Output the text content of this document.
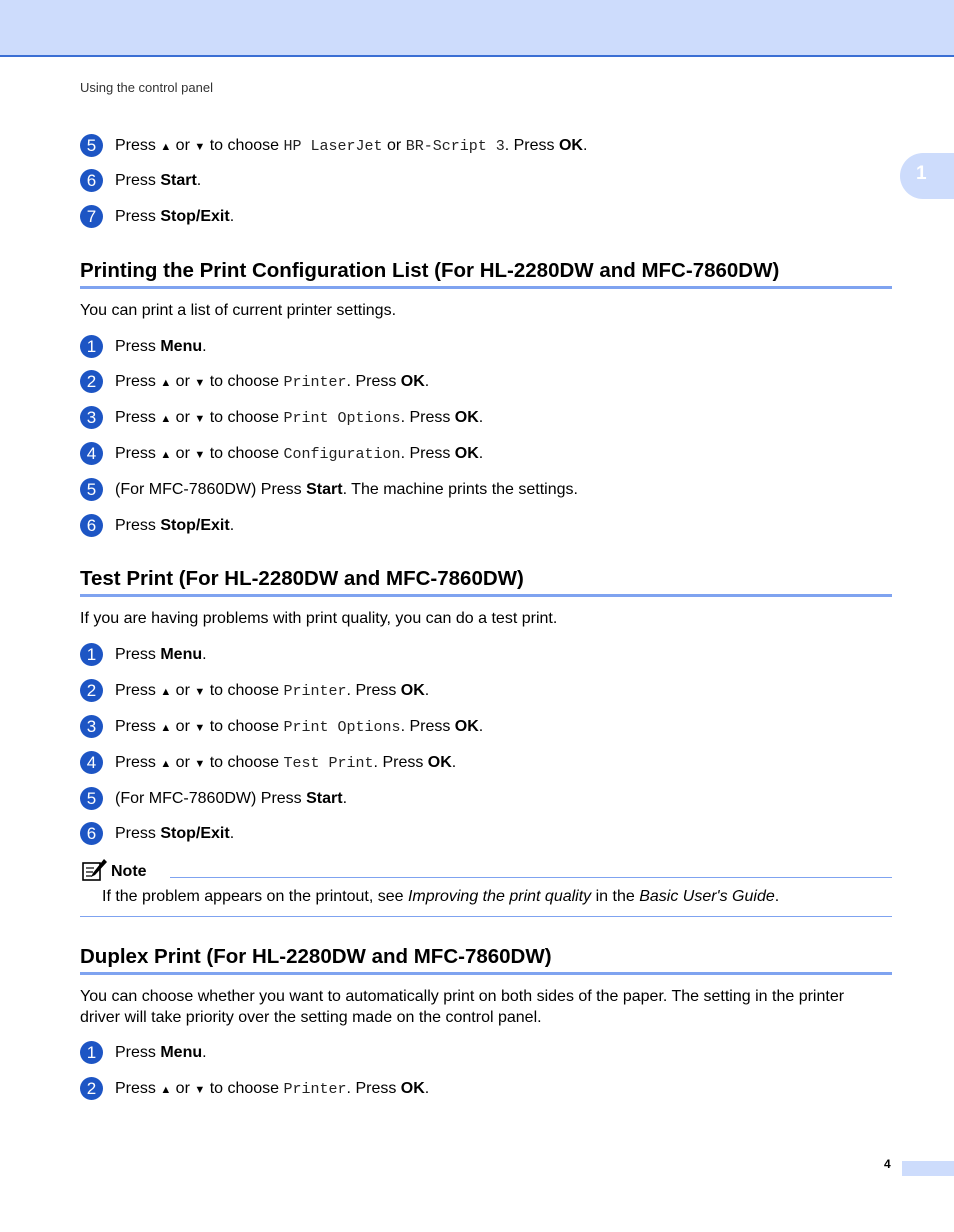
Using the control panel
1
5	Press ▲ or ▼ to choose HP LaserJet or BR-Script 3. Press OK.
6	Press Start.
7	Press Stop/Exit.
Printing the Print Configuration List (For HL-2280DW and MFC-7860DW)
You can print a list of current printer settings.
1	Press Menu.
2	Press ▲ or ▼ to choose Printer. Press OK.
3	Press ▲ or ▼ to choose Print Options. Press OK.
4	Press ▲ or ▼ to choose Configuration. Press OK.
5	(For MFC-7860DW) Press Start. The machine prints the settings.
6	Press Stop/Exit.
Test Print (For HL-2280DW and MFC-7860DW)
If you are having problems with print quality, you can do a test print.
1	Press Menu.
2	Press ▲ or ▼ to choose Printer. Press OK.
3	Press ▲ or ▼ to choose Print Options. Press OK.
4	Press ▲ or ▼ to choose Test Print. Press OK.
5	(For MFC-7860DW) Press Start.
6	Press Stop/Exit.
Note
If the problem appears on the printout, see Improving the print quality in the Basic User's Guide.
Duplex Print (For HL-2280DW and MFC-7860DW)
You can choose whether you want to automatically print on both sides of the paper. The setting in the printer
driver will take priority over the setting made on the control panel.
1	Press Menu.
2	Press ▲ or ▼ to choose Printer. Press OK.
4
